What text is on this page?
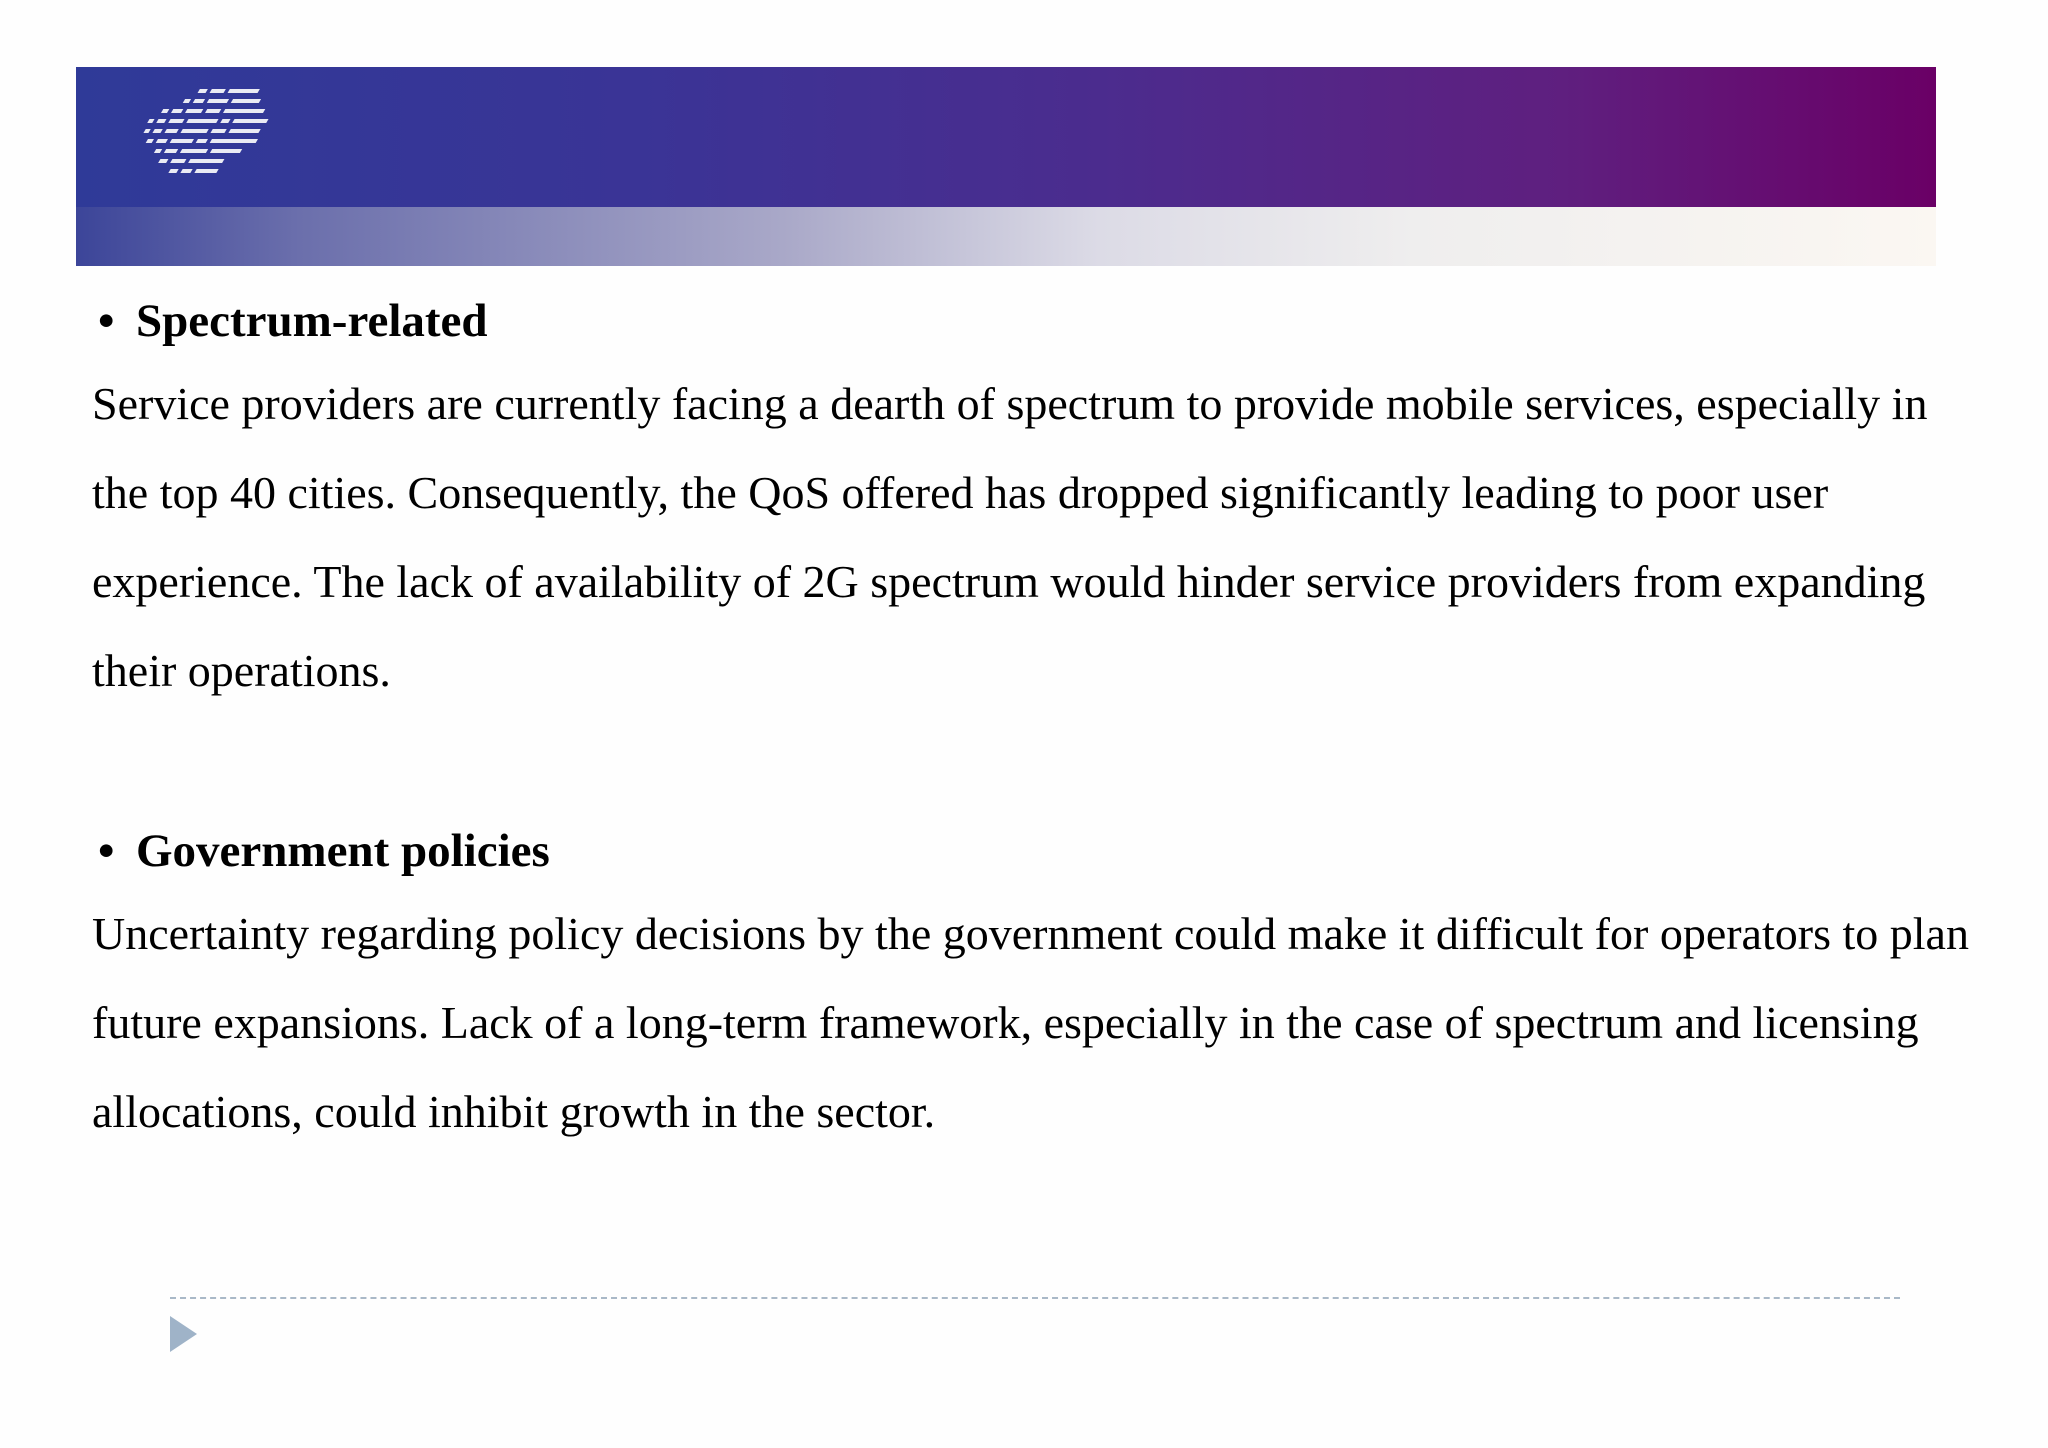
• Spectrum-related

Service providers are currently facing a dearth of spectrum to provide mobile services, especially in the top 40 cities. Consequently, the QoS offered has dropped significantly leading to poor user experience. The lack of availability of 2G spectrum would hinder service providers from expanding their operations.

• Government policies

Uncertainty regarding policy decisions by the government could make it difficult for operators to plan future expansions. Lack of a long-term framework, especially in the case of spectrum and licensing allocations, could inhibit growth in the sector.
